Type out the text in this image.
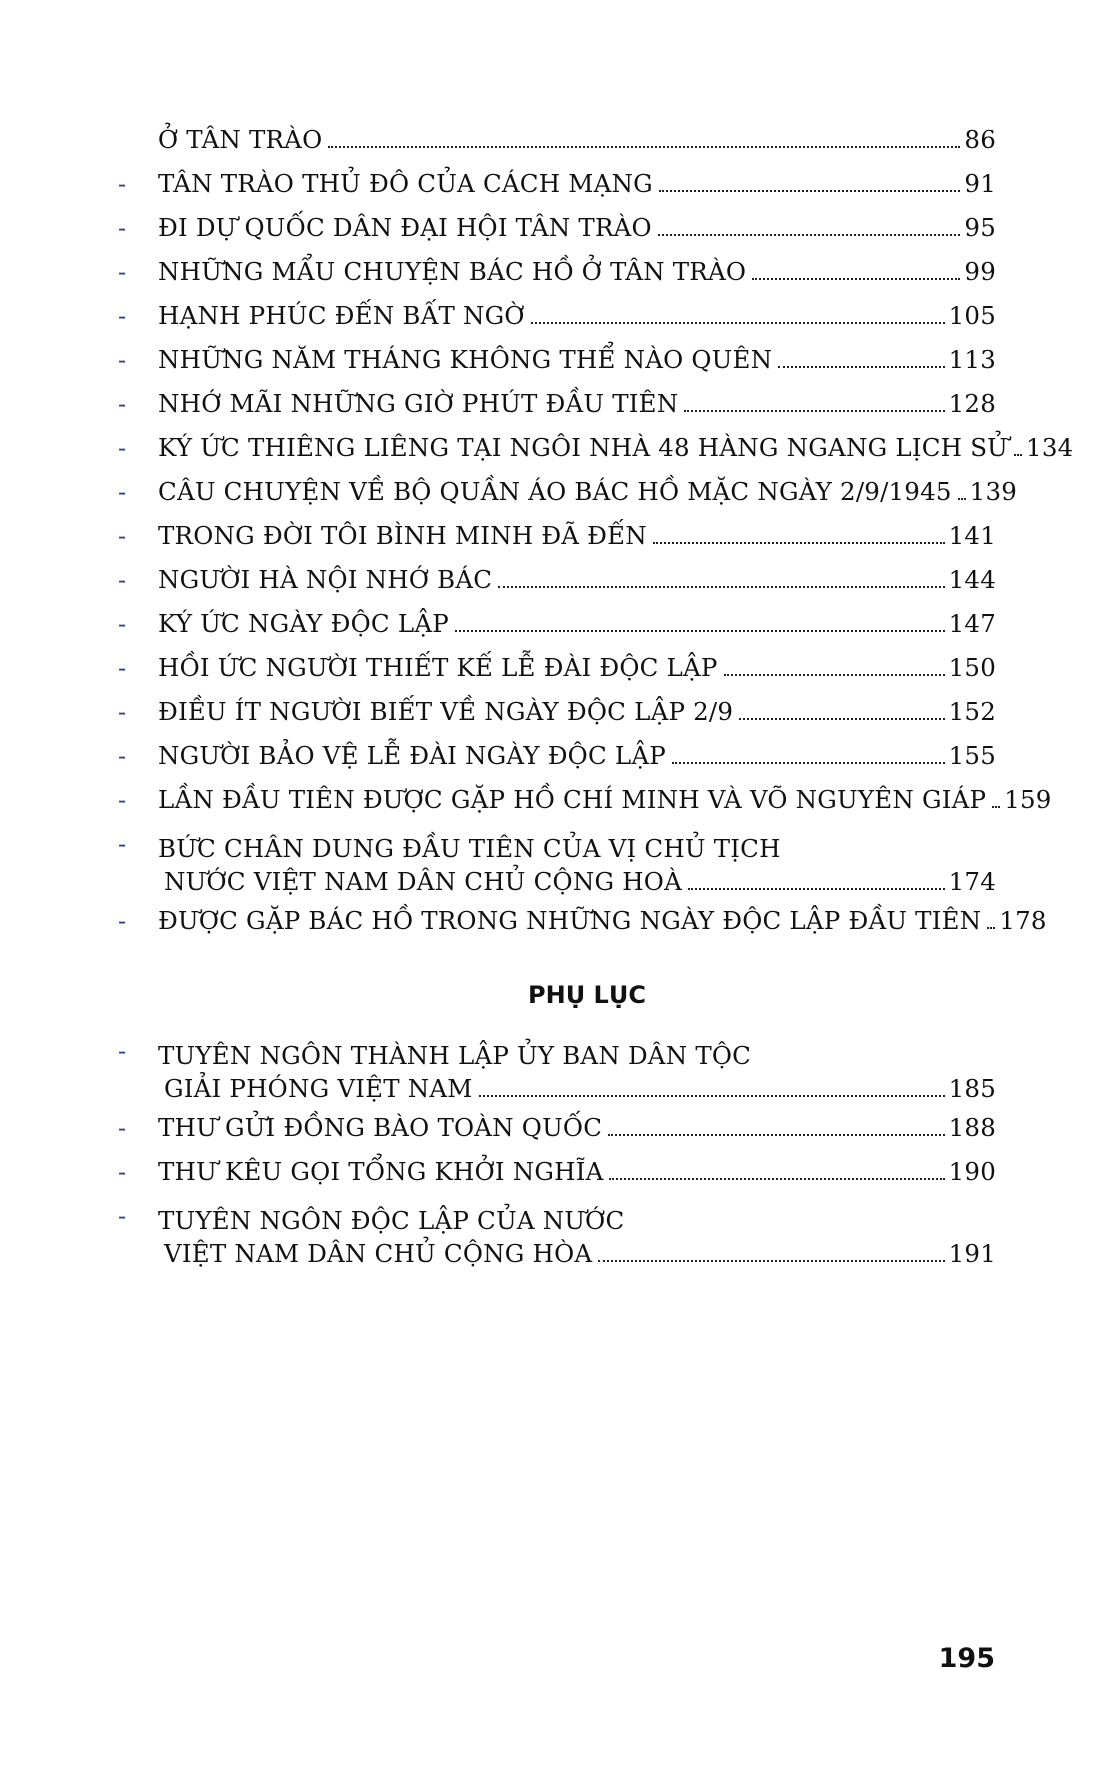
Ở TÂN TRÀO	86
-	TÂN TRÀO THỦ ĐÔ CỦA CÁCH MẠNG	91
-	ĐI DỰ QUỐC DÂN ĐẠI HỘI TÂN TRÀO	95
-	NHỮNG MẨU CHUYỆN BÁC HỒ Ở TÂN TRÀO	99
-	HẠNH PHÚC ĐẾN BẤT NGỜ	105
-	NHỮNG NĂM THÁNG KHÔNG THỂ NÀO QUÊN	113
-	NHỚ MÃI NHỮNG GIỜ PHÚT ĐẦU TIÊN	128
-	KÝ ỨC THIÊNG LIÊNG TẠI NGÔI NHÀ 48 HÀNG NGANG LỊCH SỬ 134
-	CÂU CHUYỆN VỀ BỘ QUẦN ÁO BÁC HỒ MẶC NGÀY 2/9/1945 139
-	TRONG ĐỜI TÔI BÌNH MINH ĐÃ ĐẾN	141
-	NGƯỜI HÀ NỘI NHỚ BÁC	144
-	KÝ ỨC NGÀY ĐỘC LẬP	147
-	HỒI ỨC NGƯỜI THIẾT KẾ LỄ ĐÀI ĐỘC LẬP	150
-	ĐIỀU ÍT NGƯỜI BIẾT VỀ NGÀY ĐỘC LẬP 2/9	152
-	NGƯỜI BẢO VỆ LỄ ĐÀI NGÀY ĐỘC LẬP	155
-	LẦN ĐẦU TIÊN ĐƯỢC GẶP HỒ CHÍ MINH VÀ VÕ NGUYÊN GIÁP 159
-	BỨC CHÂN DUNG ĐẦU TIÊN CỦA VỊ CHỦ TỊCH
NƯỚC VIỆT NAM DÂN CHỦ CỘNG HOÀ	174
-	ĐƯỢC GẶP BÁC HỒ TRONG NHỮNG NGÀY ĐỘC LẬP ĐẦU TIÊN 178
PHỤ LỤC
-	TUYÊN NGÔN THÀNH LẬP ỦY BAN DÂN TỘC
GIẢI PHÓNG VIỆT NAM	185
-	THƯ GỬI ĐỒNG BÀO TOÀN QUỐC	188
-	THƯ KÊU GỌI TỔNG KHỞI NGHĨA	190
-	TUYÊN NGÔN ĐỘC LẬP CỦA NƯỚC
VIỆT NAM DÂN CHỦ CỘNG HÒA	191
195
